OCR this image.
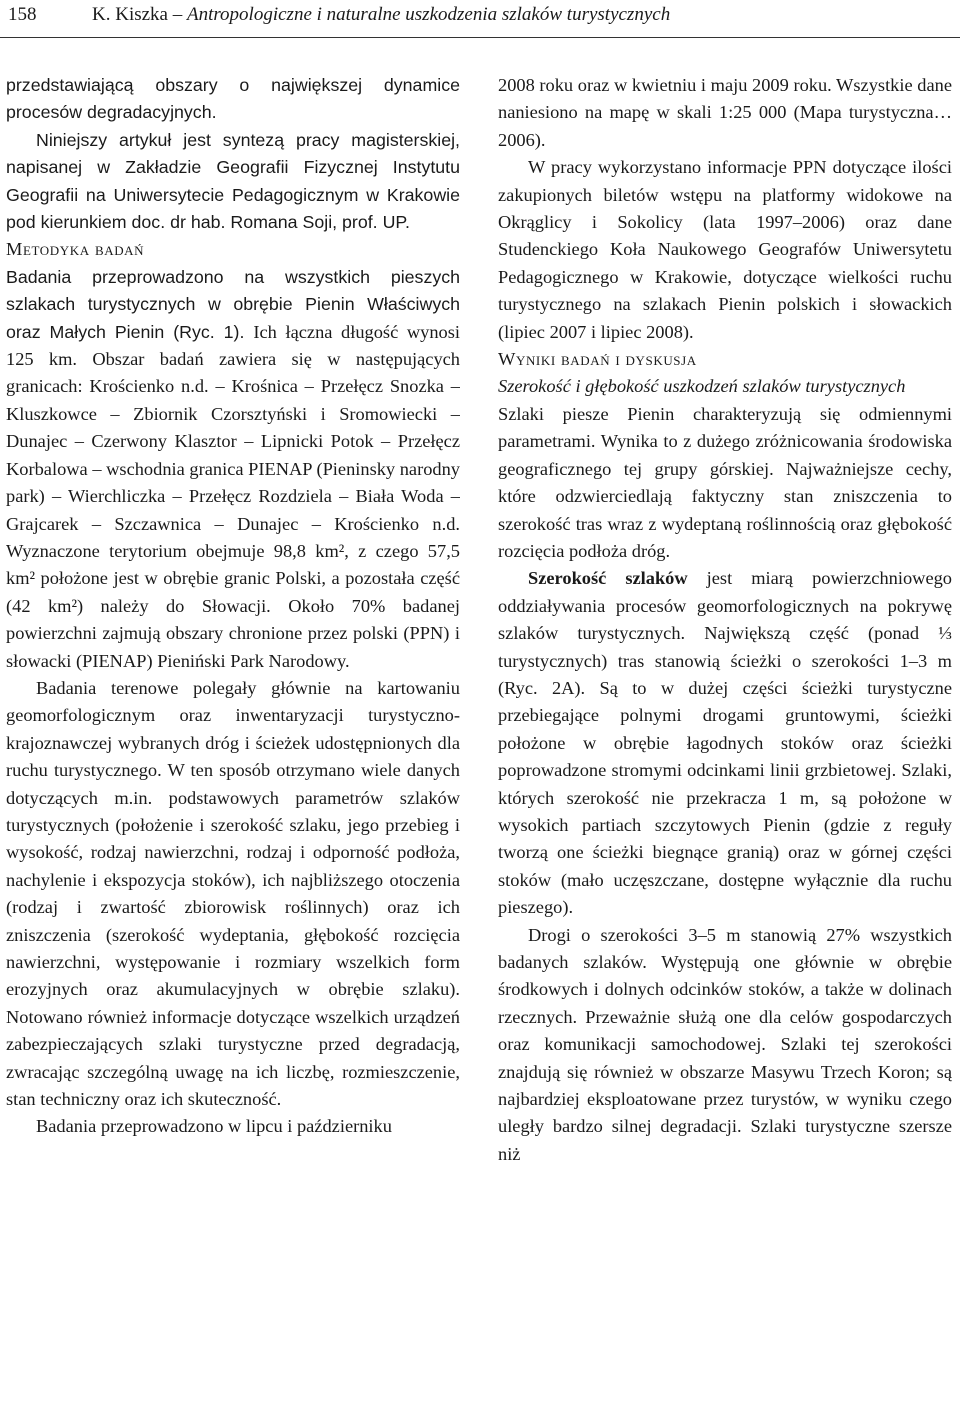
158	K. Kiszka – Antropologiczne i naturalne uszkodzenia szlaków turystycznych

przedstawiającą obszary o największej dynamice procesów degradacyjnych.

Niniejszy artykuł jest syntezą pracy magisterskiej, napisanej w Zakładzie Geografii Fizycznej Instytutu Geografii na Uniwersytecie Pedagogicznym w Krakowie pod kierunkiem doc. dr hab. Romana Soji, prof. UP.

Metodyka badań

Badania przeprowadzono na wszystkich pieszych szlakach turystycznych w obrębie Pienin Właściwych oraz Małych Pienin (Ryc. 1). Ich łączna długość wynosi 125 km. Obszar badań zawiera się w następujących granicach: Krościenko n.d. – Krośnica – Przełęcz Snozka – Kluszkowce – Zbiornik Czorsztyński i Sromowiecki – Dunajec – Czerwony Klasztor – Lipnicki Potok – Przełęcz Korbalowa – wschodnia granica PIENAP (Pieninsky narodny park) – Wierchliczka – Przełęcz Rozdziela – Biała Woda – Grajcarek – Szczawnica – Dunajec – Krościenko n.d. Wyznaczone terytorium obejmuje 98,8 km², z czego 57,5 km² położone jest w obrębie granic Polski, a pozostała część (42 km²) należy do Słowacji. Około 70% badanej powierzchni zajmują obszary chronione przez polski (PPN) i słowacki (PIENAP) Pieniński Park Narodowy.

Badania terenowe polegały głównie na kartowaniu geomorfologicznym oraz inwentaryzacji turystyczno-krajoznawczej wybranych dróg i ścieżek udostępnionych dla ruchu turystycznego. W ten sposób otrzymano wiele danych dotyczących m.in. podstawowych parametrów szlaków turystycznych (położenie i szerokość szlaku, jego przebieg i wysokość, rodzaj nawierzchni, rodzaj i odporność podłoża, nachylenie i ekspozycja stoków), ich najbliższego otoczenia (rodzaj i zwartość zbiorowisk roślinnych) oraz ich zniszczenia (szerokość wydeptania, głębokość rozcięcia nawierzchni, występowanie i rozmiary wszelkich form erozyjnych oraz akumulacyjnych w obrębie szlaku). Notowano również informacje dotyczące wszelkich urządzeń zabezpieczających szlaki turystyczne przed degradacją, zwracając szczególną uwagę na ich liczbę, rozmieszczenie, stan techniczny oraz ich skuteczność.

Badania przeprowadzono w lipcu i październiku

2008 roku oraz w kwietniu i maju 2009 roku. Wszystkie dane naniesiono na mapę w skali 1:25 000 (Mapa turystyczna… 2006).

W pracy wykorzystano informacje PPN dotyczące ilości zakupionych biletów wstępu na platformy widokowe na Okrąglicy i Sokolicy (lata 1997–2006) oraz dane Studenckiego Koła Naukowego Geografów Uniwersytetu Pedagogicznego w Krakowie, dotyczące wielkości ruchu turystycznego na szlakach Pienin polskich i słowackich (lipiec 2007 i lipiec 2008).

Wyniki badań i dyskusja

Szerokość i głębokość uszkodzeń szlaków turystycznych

Szlaki piesze Pienin charakteryzują się odmiennymi parametrami. Wynika to z dużego zróżnicowania środowiska geograficznego tej grupy górskiej. Najważniejsze cechy, które odzwierciedlają faktyczny stan zniszczenia to szerokość tras wraz z wydeptaną roślinnością oraz głębokość rozcięcia podłoża dróg.

Szerokość szlaków jest miarą powierzchniowego oddziaływania procesów geomorfologicznych na pokrywę szlaków turystycznych. Największą część (ponad ⅓ turystycznych) tras stanowią ścieżki o szerokości 1–3 m (Ryc. 2A). Są to w dużej części ścieżki turystyczne przebiegające polnymi drogami gruntowymi, ścieżki położone w obrębie łagodnych stoków oraz ścieżki poprowadzone stromymi odcinkami linii grzbietowej. Szlaki, których szerokość nie przekracza 1 m, są położone w wysokich partiach szczytowych Pienin (gdzie z reguły tworzą one ścieżki biegnące granią) oraz w górnej części stoków (mało uczęszczane, dostępne wyłącznie dla ruchu pieszego).

Drogi o szerokości 3–5 m stanowią 27% wszystkich badanych szlaków. Występują one głównie w obrębie środkowych i dolnych odcinków stoków, a także w dolinach rzecznych. Przeważnie służą one dla celów gospodarczych oraz komunikacji samochodowej. Szlaki tej szerokości znajdują się również w obszarze Masywu Trzech Koron; są najbardziej eksploatowane przez turystów, w wyniku czego uległy bardzo silnej degradacji. Szlaki turystyczne szersze niż
